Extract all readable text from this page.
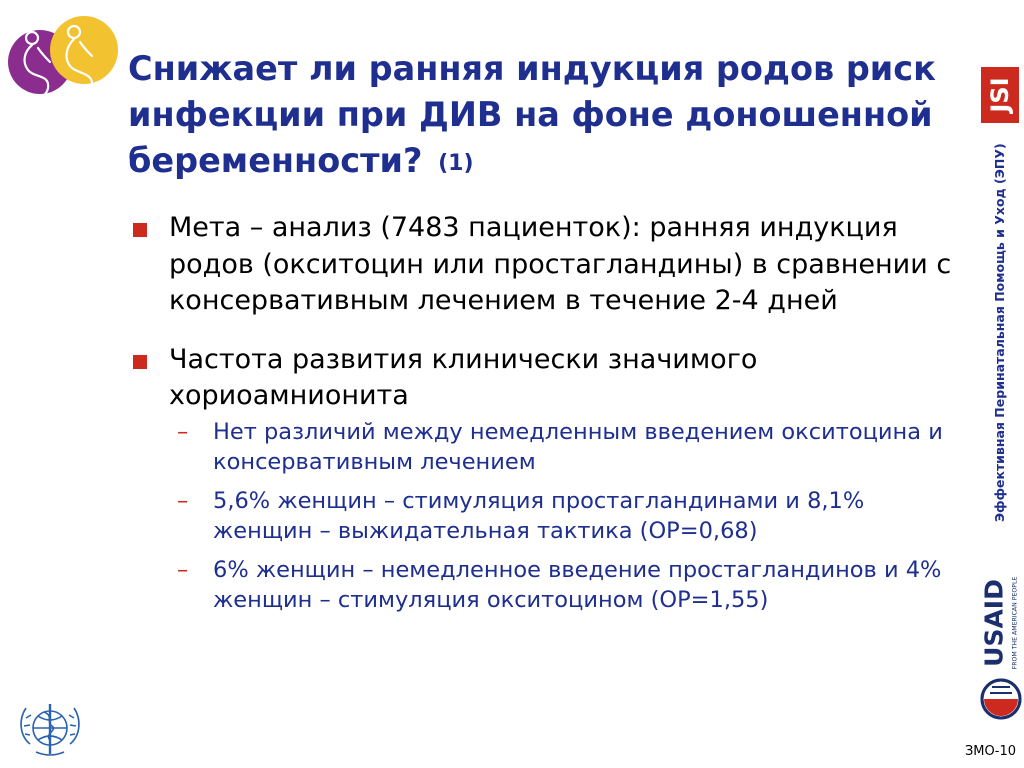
Снижает ли ранняя индукция родов риск инфекции при ДИВ на фоне доношенной беременности? (1)
Мета – анализ (7483 пациенток): ранняя индукция родов (окситоцин или простагландины) в сравнении с консервативным лечением в течение 2-4 дней
Частота развития клинически значимого хориоамнионита
– Нет различий между немедленным введением окситоцина и консервативным лечением
– 5,6% женщин – стимуляция простагландинами и 8,1% женщин – выжидательная тактика (ОР=0,68)
– 6% женщин – немедленное введение простагландинов и 4% женщин – стимуляция окситоцином (ОР=1,55)
JSI
Эффективная Перинатальная Помощь и Уход (ЭПУ)
USAID FROM THE AMERICAN PEOPLE
ЗМО-10
